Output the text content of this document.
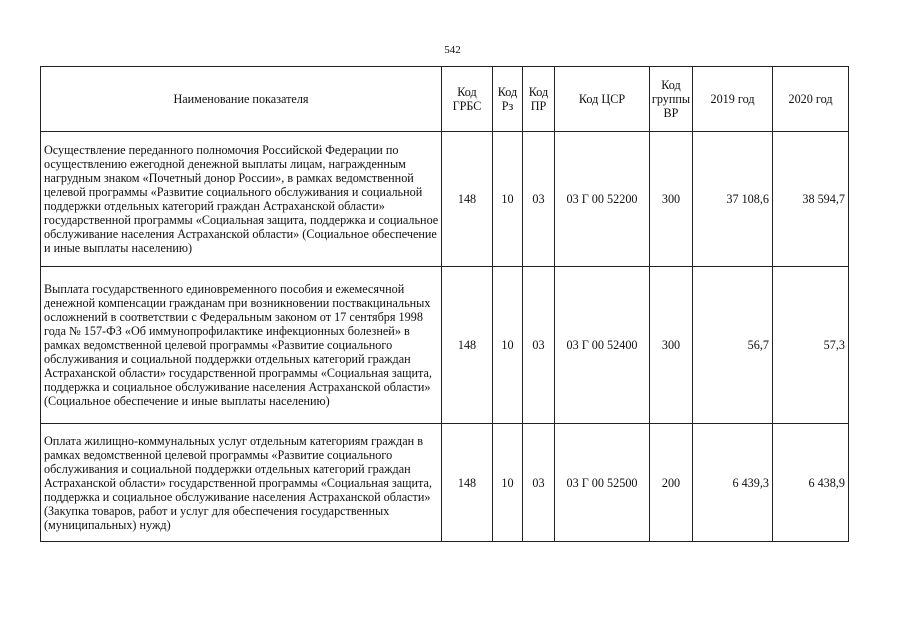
542
Наименование показателя	Код ГРБС	Код Рз	Код ПР	Код ЦСР	Код группы ВР	2019 год	2020 год
Осуществление переданного полномочия Российской Федерации по осуществлению ежегодной денежной выплаты лицам, награжденным нагрудным знаком «Почетный донор России», в рамках ведомственной целевой программы «Развитие социального обслуживания и социальной поддержки отдельных категорий граждан Астраханской области» государственной программы «Социальная защита, поддержка и социальное обслуживание населения Астраханской области» (Социальное обеспечение и иные выплаты населению)	148	10	03	03 Г 00 52200	300	37 108,6	38 594,7
Выплата государственного единовременного пособия и ежемесячной денежной компенсации гражданам при возникновении поствакцинальных осложнений в соответствии с Федеральным законом от 17 сентября 1998 года № 157-ФЗ «Об иммунопрофилактике инфекционных болезней» в рамках ведомственной целевой программы «Развитие социального обслуживания и социальной поддержки отдельных категорий граждан Астраханской области» государственной программы «Социальная защита, поддержка и социальное обслуживание населения Астраханской области» (Социальное обеспечение и иные выплаты населению)	148	10	03	03 Г 00 52400	300	56,7	57,3
Оплата жилищно-коммунальных услуг отдельным категориям граждан в рамках ведомственной целевой программы «Развитие социального обслуживания и социальной поддержки отдельных категорий граждан Астраханской области» государственной программы «Социальная защита, поддержка и социальное обслуживание населения Астраханской области» (Закупка товаров, работ и услуг для обеспечения государственных (муниципальных) нужд)	148	10	03	03 Г 00 52500	200	6 439,3	6 438,9
